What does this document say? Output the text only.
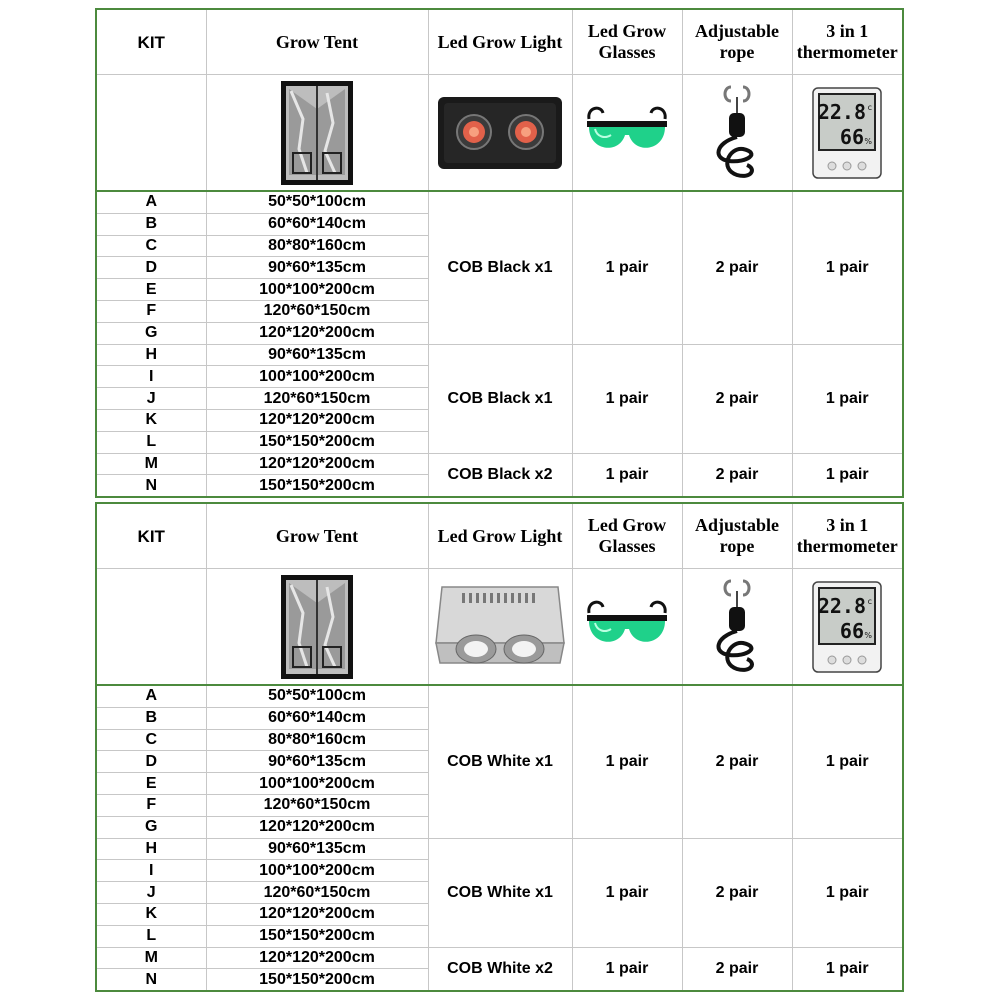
KIT	Grow Tent	Led Grow Light	Led Grow Glasses	Adjustable rope	3 in 1 thermometer

22.8 c
66 %

A	50*50*100cm	COB Black x1	1 pair	2 pair	1 pair
B	60*60*140cm				
C	80*80*160cm				
D	90*60*135cm				
E	100*100*200cm				
F	120*60*150cm				
G	120*120*200cm				
H	90*60*135cm	COB Black x1	1 pair	2 pair	1 pair
I	100*100*200cm				
J	120*60*150cm				
K	120*120*200cm				
L	150*150*200cm				
M	120*120*200cm	COB Black x2	1 pair	2 pair	1 pair
N	150*150*200cm				
KIT	Grow Tent	Led Grow Light	Led Grow Glasses	Adjustable rope	3 in 1 thermometer

22.8 c
66 %

A	50*50*100cm	COB White x1	1 pair	2 pair	1 pair
B	60*60*140cm				
C	80*80*160cm				
D	90*60*135cm				
E	100*100*200cm				
F	120*60*150cm				
G	120*120*200cm				
H	90*60*135cm	COB White x1	1 pair	2 pair	1 pair
I	100*100*200cm				
J	120*60*150cm				
K	120*120*200cm				
L	150*150*200cm				
M	120*120*200cm	COB White x2	1 pair	2 pair	1 pair
N	150*150*200cm				
